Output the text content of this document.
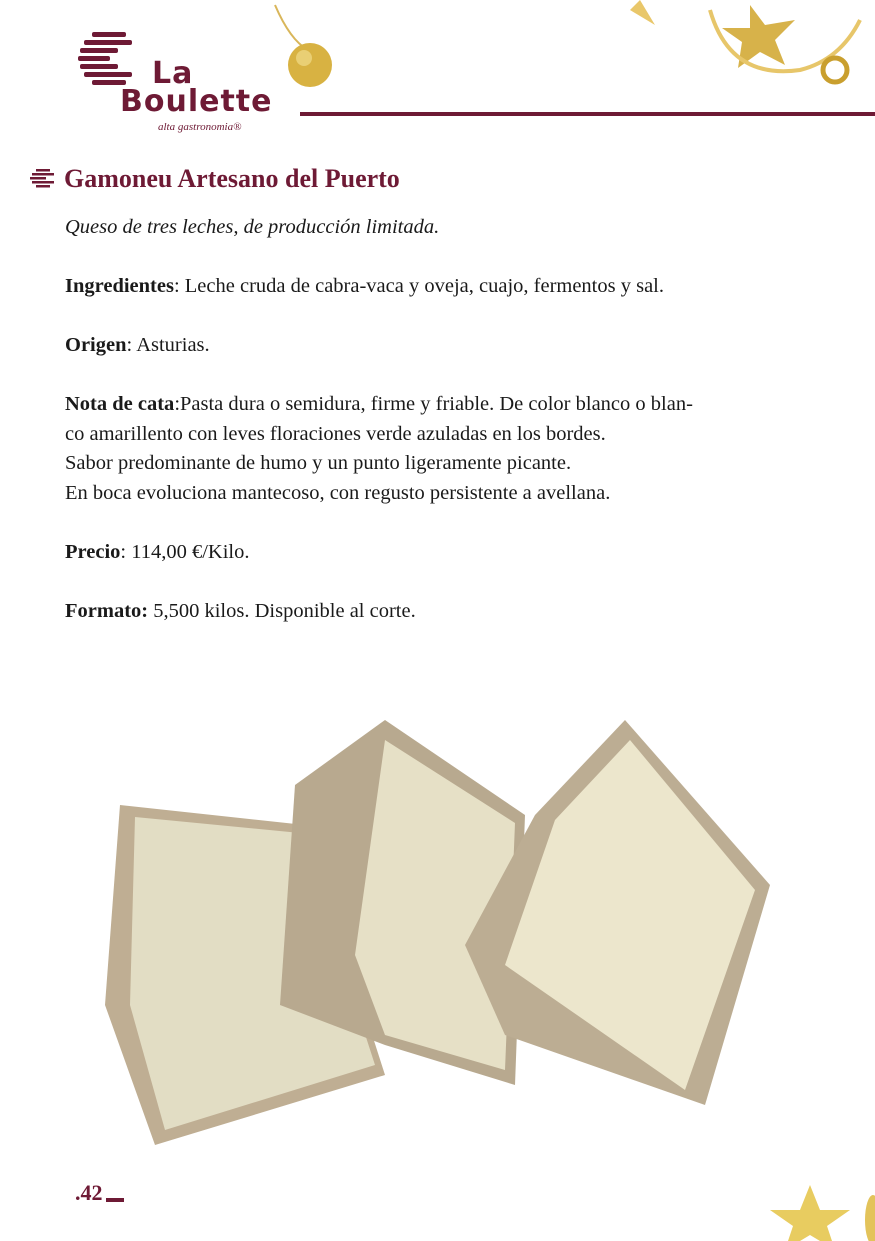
La
Boulette
alta gastronomia®
Gamoneu Artesano del Puerto

Queso de tres leches, de producción limitada.

Ingredientes: Leche cruda de cabra-vaca y oveja, cuajo, fermentos y sal.

Origen: Asturias.

Nota de cata:Pasta dura o semidura, firme y friable. De color blanco o blan-

co amarillento con leves floraciones verde azuladas en los bordes.

Sabor predominante de humo y un punto ligeramente picante.

En boca evoluciona mantecoso, con regusto persistente a avellana.

Precio: 114,00 €/Kilo.

Formato: 5,500 kilos. Disponible al corte.

.42
